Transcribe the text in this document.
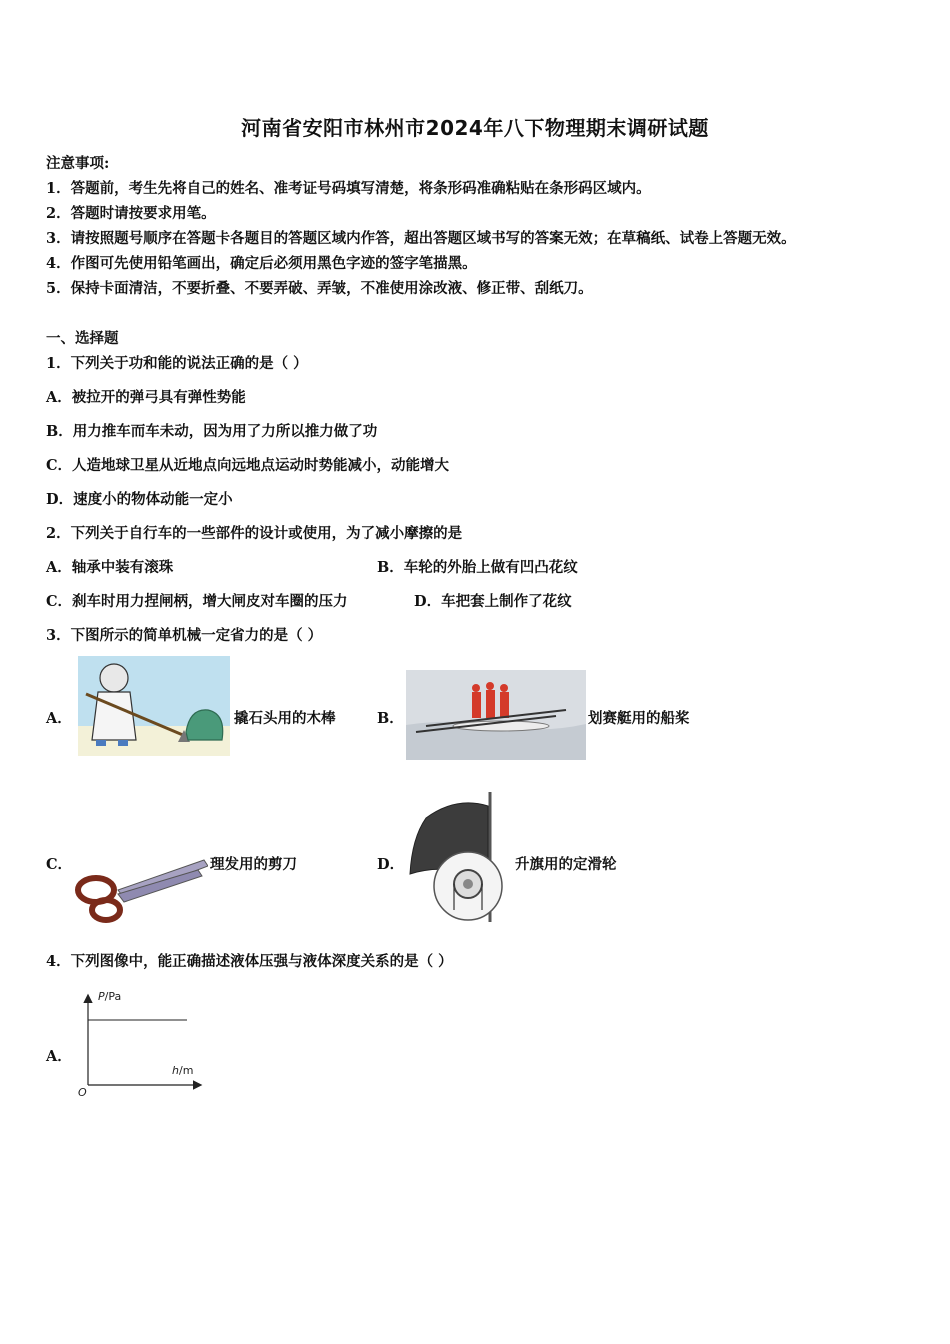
河南省安阳市林州市2024年八下物理期末调研试题
注意事项:
1．答题前，考生先将自己的姓名、准考证号码填写清楚，将条形码准确粘贴在条形码区域内。
2．答题时请按要求用笔。
3．请按照题号顺序在答题卡各题目的答题区域内作答，超出答题区域书写的答案无效；在草稿纸、试卷上答题无效。
4．作图可先使用铅笔画出，确定后必须用黑色字迹的签字笔描黑。
5．保持卡面清洁，不要折叠、不要弄破、弄皱，不准使用涂改液、修正带、刮纸刀。
一、选择题
1．下列关于功和能的说法正确的是（ ）
A．被拉开的弹弓具有弹性势能
B．用力推车而车未动，因为用了力所以推力做了功
C．人造地球卫星从近地点向远地点运动时势能减小，动能增大
D．速度小的物体动能一定小
2．下列关于自行车的一些部件的设计或使用，为了减小摩擦的是
A．轴承中装有滚珠	B．车轮的外胎上做有凹凸花纹
C．刹车时用力捏闸柄，增大闸皮对车圈的压力	D．车把套上制作了花纹
3．下图所示的简单机械一定省力的是（ ）
A．	撬石头用的木棒	B．	划赛艇用的船桨
C．	理发用的剪刀	D．	升旗用的定滑轮
4．下列图像中，能正确描述液体压强与液体深度关系的是（ ）
A．
P/Pa
h/m
O
